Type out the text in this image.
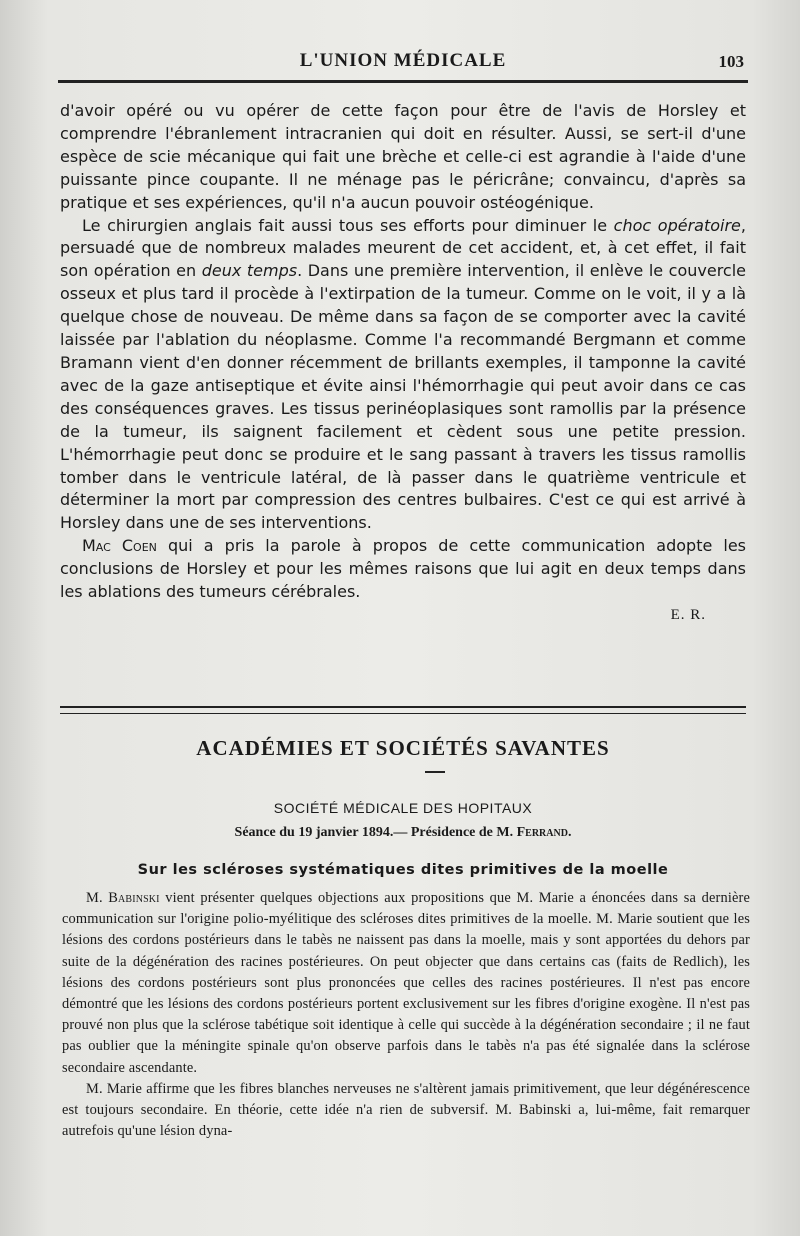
L'UNION MÉDICALE	103

d'avoir opéré ou vu opérer de cette façon pour être de l'avis de Horsley et comprendre l'ébranlement intracranien qui doit en résulter. Aussi, se sert-il d'une espèce de scie mécanique qui fait une brèche et celle-ci est agrandie à l'aide d'une puissante pince coupante. Il ne ménage pas le péricrâne; convaincu, d'après sa pratique et ses expériences, qu'il n'a aucun pouvoir ostéogénique.

Le chirurgien anglais fait aussi tous ses efforts pour diminuer le choc opératoire, persuadé que de nombreux malades meurent de cet accident, et, à cet effet, il fait son opération en deux temps. Dans une première intervention, il enlève le couvercle osseux et plus tard il procède à l'extirpation de la tumeur. Comme on le voit, il y a là quelque chose de nouveau. De même dans sa façon de se comporter avec la cavité laissée par l'ablation du néoplasme. Comme l'a recommandé Bergmann et comme Bramann vient d'en donner récemment de brillants exemples, il tamponne la cavité avec de la gaze antiseptique et évite ainsi l'hémorrhagie qui peut avoir dans ce cas des conséquences graves. Les tissus perinéoplasiques sont ramollis par la présence de la tumeur, ils saignent facilement et cèdent sous une petite pression. L'hémorrhagie peut donc se produire et le sang passant à travers les tissus ramollis tomber dans le ventricule latéral, de là passer dans le quatrième ventricule et déterminer la mort par compression des centres bulbaires. C'est ce qui est arrivé à Horsley dans une de ses interventions.

Mac Coen qui a pris la parole à propos de cette communication adopte les conclusions de Horsley et pour les mêmes raisons que lui agit en deux temps dans les ablations des tumeurs cérébrales.

E. R.

ACADÉMIES ET SOCIÉTÉS SAVANTES
SOCIÉTÉ MÉDICALE DES HOPITAUX
Séance du 19 janvier 1894.— Présidence de M. Ferrand.
Sur les scléroses systématiques dites primitives de la moelle

M. Babinski vient présenter quelques objections aux propositions que M. Marie a énoncées dans sa dernière communication sur l'origine polio-myélitique des scléroses dites primitives de la moelle. M. Marie soutient que les lésions des cordons postérieurs dans le tabès ne naissent pas dans la moelle, mais y sont apportées du dehors par suite de la dégénération des racines postérieures. On peut objecter que dans certains cas (faits de Redlich), les lésions des cordons postérieurs sont plus prononcées que celles des racines postérieures. Il n'est pas encore démontré que les lésions des cordons postérieurs portent exclusivement sur les fibres d'origine exogène. Il n'est pas prouvé non plus que la sclérose tabétique soit identique à celle qui succède à la dégénération secondaire ; il ne faut pas oublier que la méningite spinale qu'on observe parfois dans le tabès n'a pas été signalée dans la sclérose secondaire ascendante.

M. Marie affirme que les fibres blanches nerveuses ne s'altèrent jamais primitivement, que leur dégénérescence est toujours secondaire. En théorie, cette idée n'a rien de subversif. M. Babinski a, lui-même, fait remarquer autrefois qu'une lésion dyna-
